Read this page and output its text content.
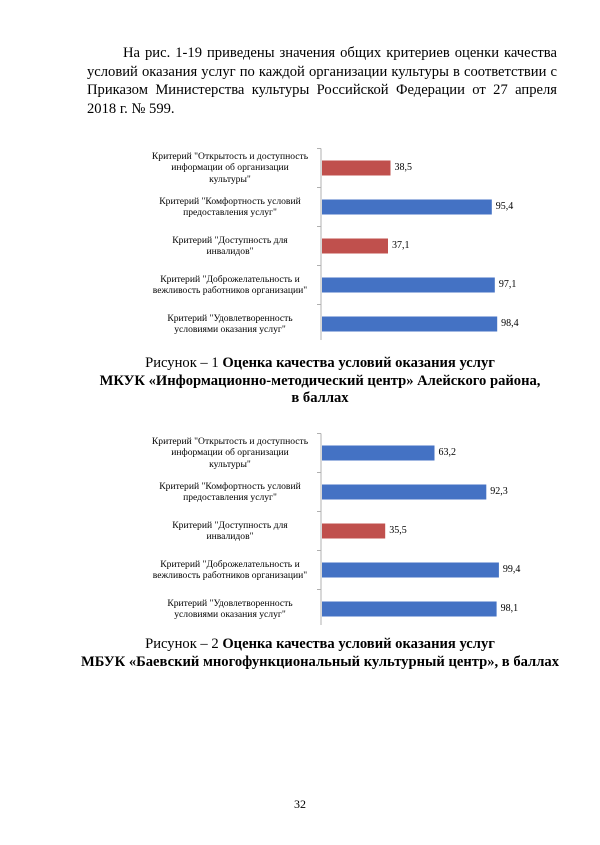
На рис. 1-19 приведены значения общих критериев оценки качества условий оказания услуг по каждой организации культуры в соответствии с Приказом Министерства культуры Российской Федерации от 27 апреля 2018 г. № 599.

38,5
Критерий "Открытость и доступность
информации об организации
культуры"
95,4
Критерий "Комфортность условий
предоставления услуг"
37,1
Критерий "Доступность для
инвалидов"
97,1
Критерий "Доброжелательность и
вежливость работников организации"
98,4
Критерий "Удовлетворенность
условиями оказания услуг"
Рисунок – 1 Оценка качества условий оказания услуг
МКУК «Информационно-методический центр» Алейского района,
в баллах
63,2
Критерий "Открытость и доступность
информации об организации
культуры"
92,3
Критерий "Комфортность условий
предоставления услуг"
35,5
Критерий "Доступность для
инвалидов"
99,4
Критерий "Доброжелательность и
вежливость работников организации"
98,1
Критерий "Удовлетворенность
условиями оказания услуг"
Рисунок – 2 Оценка качества условий оказания услуг
МБУК «Баевский многофункциональный культурный центр», в баллах
32
